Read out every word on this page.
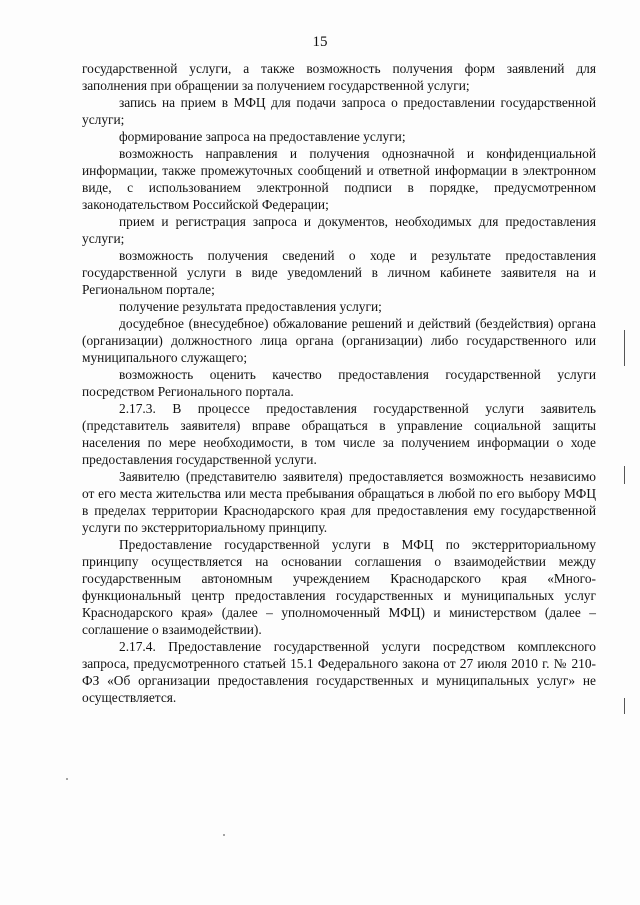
15

государственной услуги, а также возможность получения форм заявлений для заполнения при обращении за получением государственной услуги;

запись на прием в МФЦ для подачи запроса о предоставлении государственной услуги;

формирование запроса на предоставление услуги;

возможность направления и получения однозначной и конфиденциальной информации, также промежуточных сообщений и ответной информации в электронном виде, с использованием электронной подписи в порядке, предусмотренном законодательством Российской Федерации;

прием и регистрация запроса и документов, необходимых для предоставления услуги;

возможность получения сведений о ходе и результате предоставления государственной услуги в виде уведомлений в личном кабинете заявителя на и Региональном портале;

получение результата предоставления услуги;

досудебное (внесудебное) обжалование решений и действий (бездействия) органа (организации) должностного лица органа (организации) либо государственного или муниципального служащего;

возможность оценить качество предоставления государственной услуги посредством Регионального портала.

2.17.3. В процессе предоставления государственной услуги заявитель (представитель заявителя) вправе обращаться в управление социальной защиты населения по мере необходимости, в том числе за получением информации о ходе предоставления государственной услуги.

Заявителю (представителю заявителя) предоставляется возможность независимо от его места жительства или места пребывания обращаться в любой по его выбору МФЦ в пределах территории Краснодарского края для предоставления ему государственной услуги по экстерриториальному принципу.

Предоставление государственной услуги в МФЦ по экстерриториальному принципу осуществляется на основании соглашения о взаимодействии между государственным автономным учреждением Краснодарского края «Многофункциональный центр предоставления государственных и муниципальных услуг Краснодарского края» (далее – уполномоченный МФЦ) и министерством (далее – соглашение о взаимодействии).

2.17.4. Предоставление государственной услуги посредством комплексного запроса, предусмотренного статьей 15.1 Федерального закона от 27 июля 2010 г. № 210-ФЗ «Об организации предоставления государственных и муниципальных услуг» не осуществляется.
